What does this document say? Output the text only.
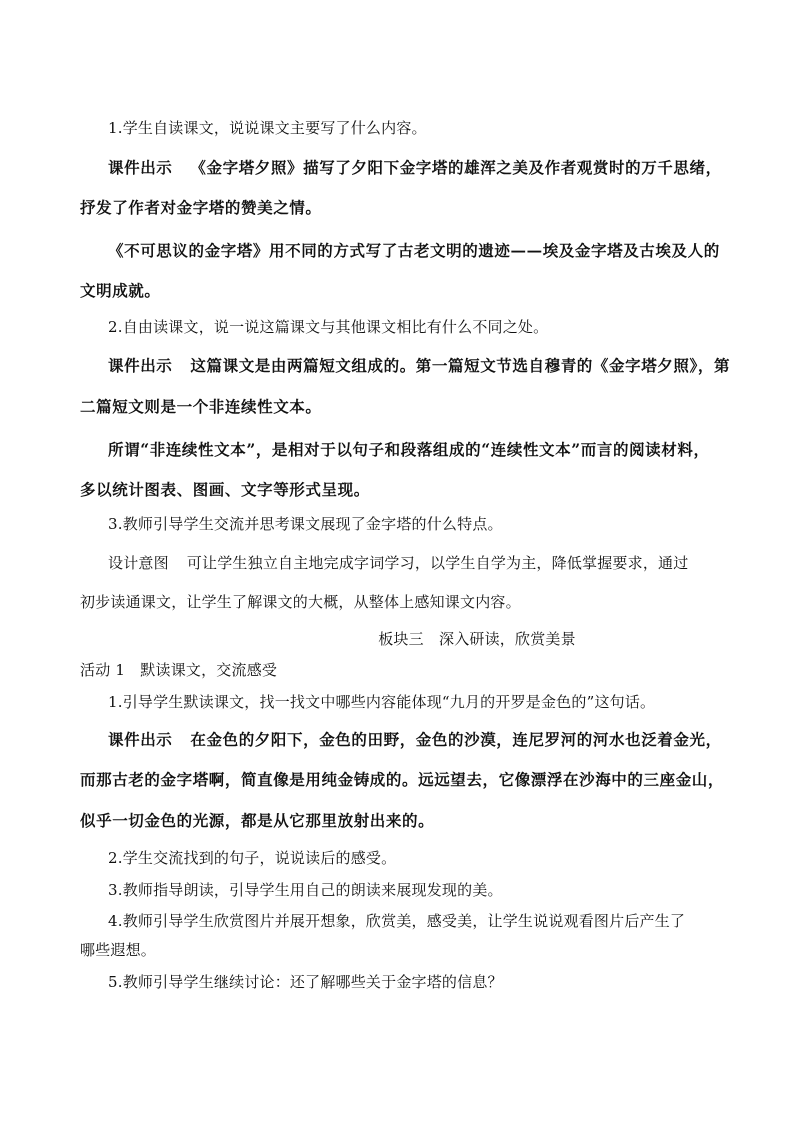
1.学生自读课文，说说课文主要写了什么内容。
课件出示 《金字塔夕照》描写了夕阳下金字塔的雄浑之美及作者观赏时的万千思绪，
抒发了作者对金字塔的赞美之情。
《不可思议的金字塔》用不同的方式写了古老文明的遗迹——埃及金字塔及古埃及人的
文明成就。
2.自由读课文，说一说这篇课文与其他课文相比有什么不同之处。
课件出示 这篇课文是由两篇短文组成的。第一篇短文节选自穆青的《金字塔夕照》，第
二篇短文则是一个非连续性文本。
所谓“非连续性文本”，是相对于以句子和段落组成的“连续性文本”而言的阅读材料，
多以统计图表、图画、文字等形式呈现。
3.教师引导学生交流并思考课文展现了金字塔的什么特点。
设计意图 可让学生独立自主地完成字词学习，以学生自学为主，降低掌握要求，通过
初步读通课文，让学生了解课文的大概，从整体上感知课文内容。
板块三　深入研读，欣赏美景
活动 1　默读课文，交流感受
1.引导学生默读课文，找一找文中哪些内容能体现“九月的开罗是金色的”这句话。
课件出示 在金色的夕阳下，金色的田野，金色的沙漠，连尼罗河的河水也泛着金光，
而那古老的金字塔啊，简直像是用纯金铸成的。远远望去，它像漂浮在沙海中的三座金山，
似乎一切金色的光源，都是从它那里放射出来的。
2.学生交流找到的句子，说说读后的感受。
3.教师指导朗读，引导学生用自己的朗读来展现发现的美。
4.教师引导学生欣赏图片并展开想象，欣赏美，感受美，让学生说说观看图片后产生了
哪些遐想。
5.教师引导学生继续讨论：还了解哪些关于金字塔的信息？
